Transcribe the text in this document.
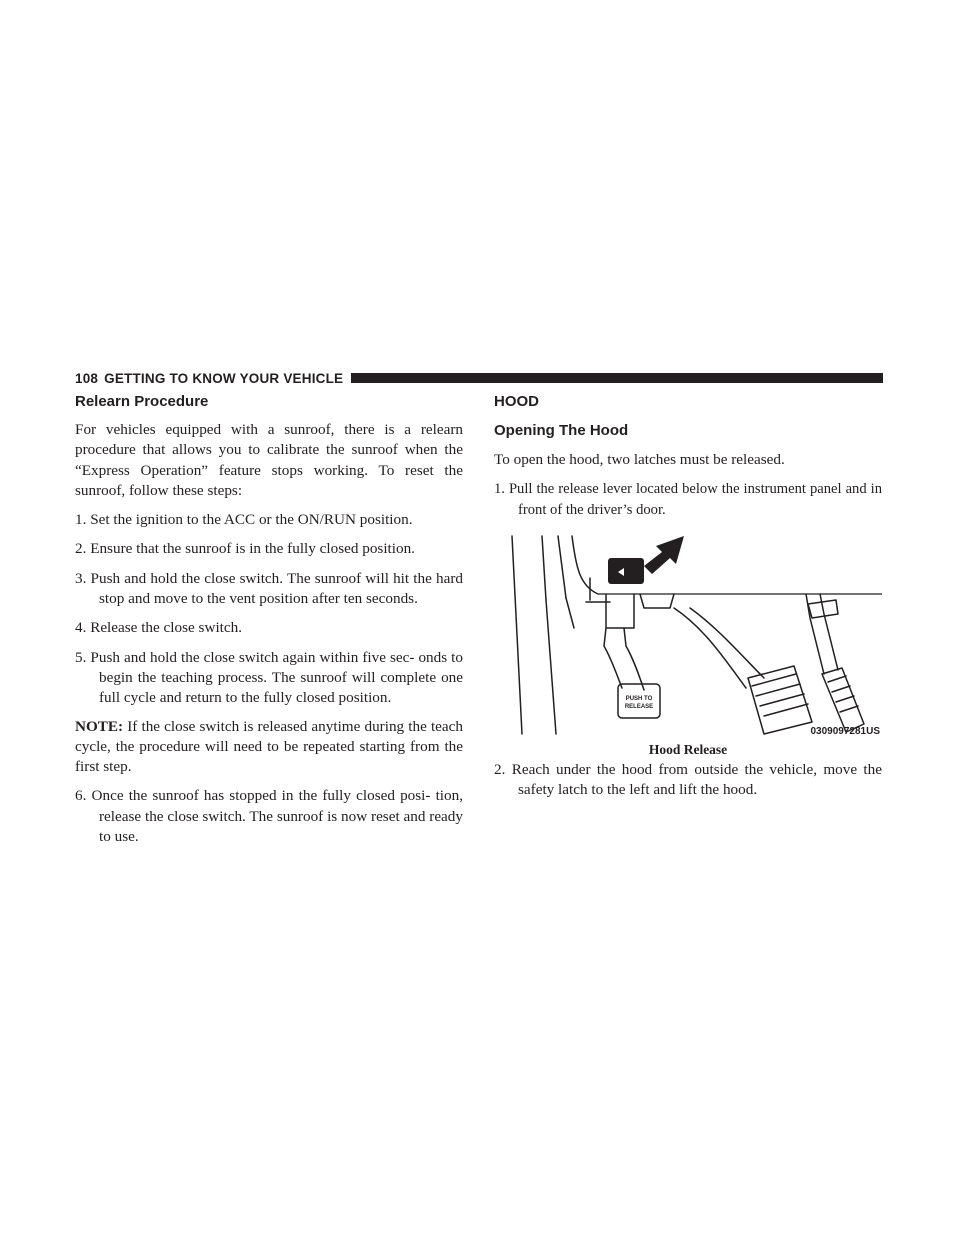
108 GETTING TO KNOW YOUR VEHICLE
Relearn Procedure

For vehicles equipped with a sunroof, there is a relearn procedure that allows you to calibrate the sunroof when the “Express Operation” feature stops working. To reset the sunroof, follow these steps:

1. Set the ignition to the ACC or the ON/RUN position.

2. Ensure that the sunroof is in the fully closed position.

3. Push and hold the close switch. The sunroof will hit the hard stop and move to the vent position after ten seconds.

4. Release the close switch.

5. Push and hold the close switch again within five sec- onds to begin the teaching process. The sunroof will complete one full cycle and return to the fully closed position.

NOTE: If the close switch is released anytime during the teach cycle, the procedure will need to be repeated starting from the first step.

6. Once the sunroof has stopped in the fully closed posi- tion, release the close switch. The sunroof is now reset and ready to use.

HOOD
Opening The Hood

To open the hood, two latches must be released.

1. Pull the release lever located below the instrument panel and in front of the driver’s door.

PUSH TO
RELEASE
0309097281US

Hood Release

2. Reach under the hood from outside the vehicle, move the safety latch to the left and lift the hood.
